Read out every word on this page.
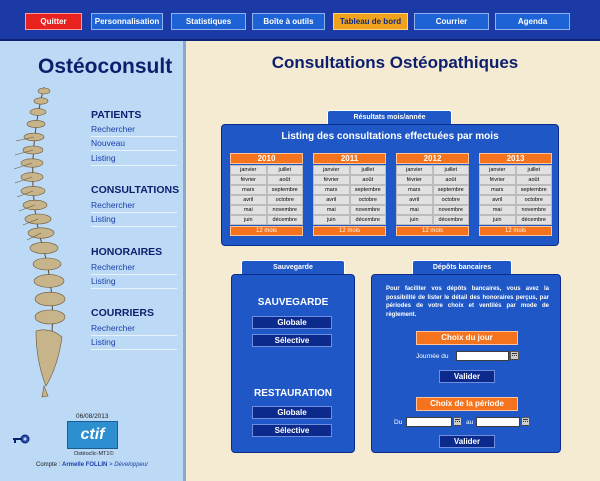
Quitter	Personnalisation	Statistiques	Boîte à outils	Tableau de bord	Courrier	Agenda
Ostéoconsult
PATIENTS
Rechercher
Nouveau
Listing
CONSULTATIONS
Rechercher
Listing
HONORAIRES
Rechercher
Listing
COURRIERS
Rechercher
Listing
06/08/2013
ctif
Ostéoclic-MT1©
Compte : Armelle FOLLIN > Développeur
Consultations Ostéopathiques
Résultats mois/année
Listing des consultations effectuées par mois
2010
janvier	juillet
février	août
mars	septembre
avril	octobre
mai	novembre
juin	décembre
12 mois
2011
janvier	juillet
février	août
mars	septembre
avril	octobre
mai	novembre
juin	décembre
12 mois
2012
janvier	juillet
février	août
mars	septembre
avril	octobre
mai	novembre
juin	décembre
12 mois
2013
janvier	juillet
février	août
mars	septembre
avril	octobre
mai	novembre
juin	décembre
12 mois
Sauvegarde
SAUVEGARDE
Globale
Sélective
RESTAURATION
Globale
Sélective
Dépôts bancaires
Pour faciliter vos dépôts bancaires, vous avez la possibilité de lister le détail des honoraires perçus, par périodes de votre choix et ventilés par mode de règlement.
Choix du jour
Journée du
Valider
Choix de la période
Du	au
Valider
